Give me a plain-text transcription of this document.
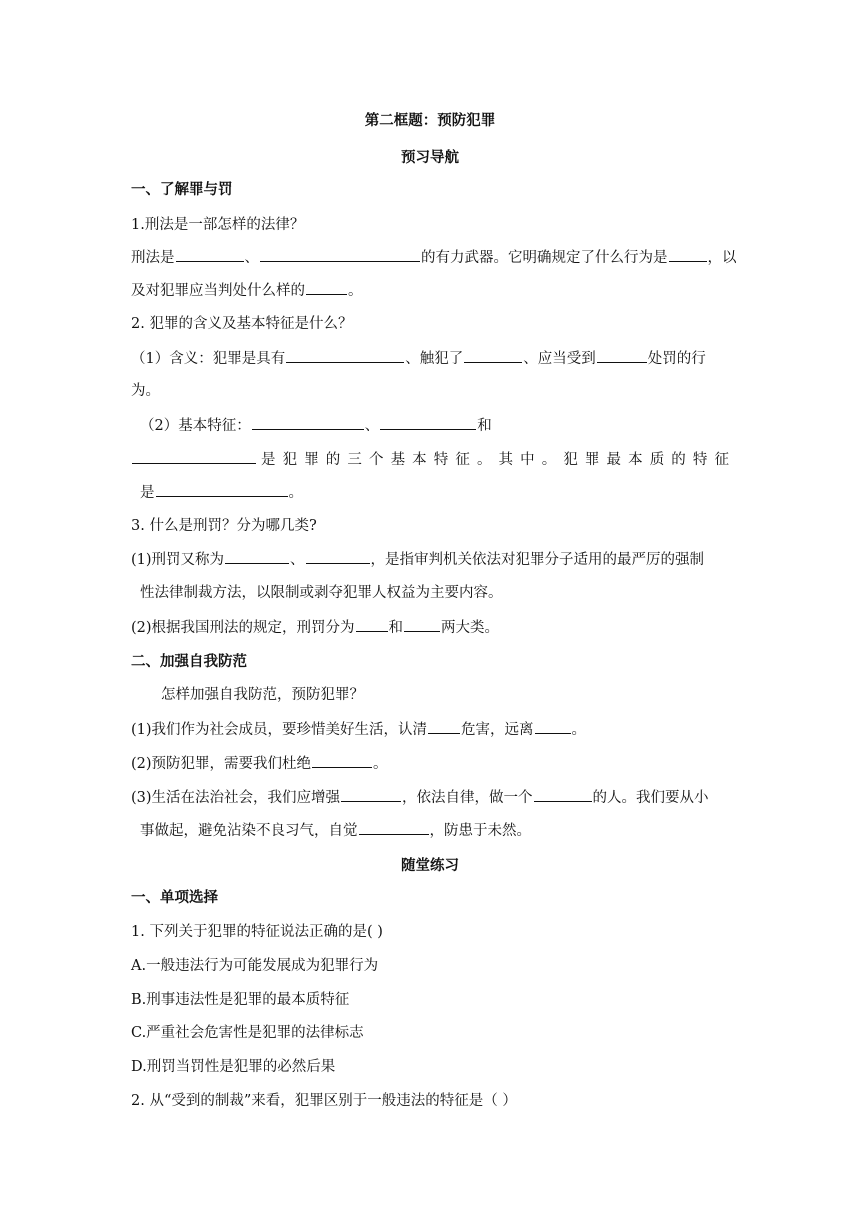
第二框题：预防犯罪
预习导航
一、了解罪与罚
1.刑法是一部怎样的法律？
刑法是	、	的有力武器。它明确规定了什么行为是	，以
及对犯罪应当判处什么样的	。
2. 犯罪的含义及基本特征是什么？
（1）含义：犯罪是具有	、触犯了	、应当受到	处罚的行
为。
（2）基本特征：	、	和
是 犯 罪 的 三 个 基 本 特 征 。 其 中 。 犯 罪 最 本 质 的 特 征
是	。
3. 什么是刑罚？分为哪几类?
(1)刑罚又称为	、	，是指审判机关依法对犯罪分子适用的最严厉的强制
性法律制裁方法，以限制或剥夺犯罪人权益为主要内容。
(2)根据我国刑法的规定，刑罚分为 和	两大类。
二、加强自我防范
怎样加强自我防范，预防犯罪？
(1)我们作为社会成员，要珍惜美好生活，认清 危害，远离	。
(2)预防犯罪，需要我们杜绝	。
(3)生活在法治社会，我们应增强	，依法自律，做一个	的人。我们要从小
事做起，避免沾染不良习气，自觉	，防患于未然。
随堂练习
一、单项选择
1. 下列关于犯罪的特征说法正确的是( )
A.一般违法行为可能发展成为犯罪行为
B.刑事违法性是犯罪的最本质特征
C.严重社会危害性是犯罪的法律标志
D.刑罚当罚性是犯罪的必然后果
2. 从“受到的制裁”来看，犯罪区别于一般违法的特征是（ ）
